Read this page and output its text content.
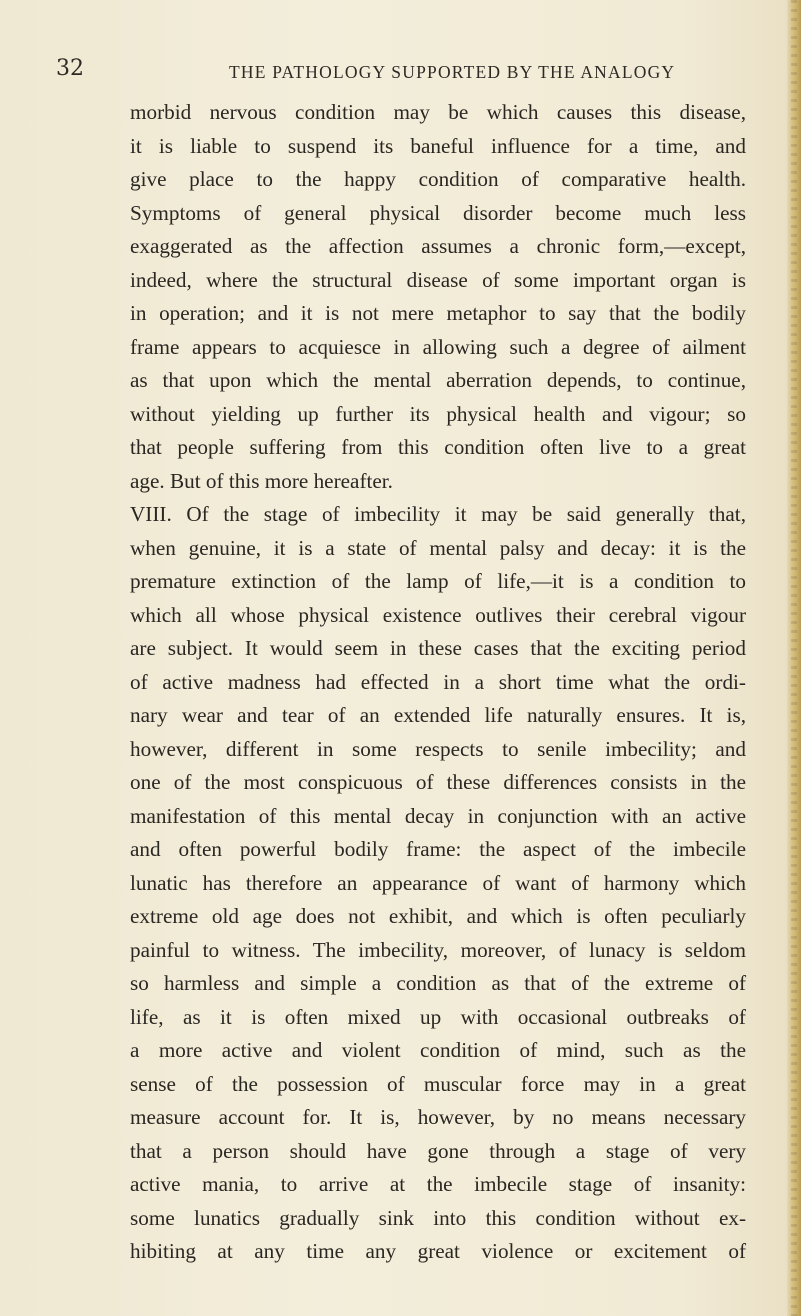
32	THE PATHOLOGY SUPPORTED BY THE ANALOGY
morbid nervous condition may be which causes this disease,
it is liable to suspend its baneful influence for a time, and
give place to the happy condition of comparative health.
Symptoms of general physical disorder become much less
exaggerated as the affection assumes a chronic form,—except,
indeed, where the structural disease of some important organ is
in operation; and it is not mere metaphor to say that the bodily
frame appears to acquiesce in allowing such a degree of ailment
as that upon which the mental aberration depends, to continue,
without yielding up further its physical health and vigour; so
that people suffering from this condition often live to a great
age. But of this more hereafter.
VIII. Of the stage of imbecility it may be said generally that,
when genuine, it is a state of mental palsy and decay: it is the
premature extinction of the lamp of life,—it is a condition to
which all whose physical existence outlives their cerebral vigour
are subject. It would seem in these cases that the exciting period
of active madness had effected in a short time what the ordi-
nary wear and tear of an extended life naturally ensures. It is,
however, different in some respects to senile imbecility; and
one of the most conspicuous of these differences consists in the
manifestation of this mental decay in conjunction with an active
and often powerful bodily frame: the aspect of the imbecile
lunatic has therefore an appearance of want of harmony which
extreme old age does not exhibit, and which is often peculiarly
painful to witness. The imbecility, moreover, of lunacy is seldom
so harmless and simple a condition as that of the extreme of
life, as it is often mixed up with occasional outbreaks of
a more active and violent condition of mind, such as the
sense of the possession of muscular force may in a great
measure account for. It is, however, by no means necessary
that a person should have gone through a stage of very
active mania, to arrive at the imbecile stage of insanity:
some lunatics gradually sink into this condition without ex-
hibiting at any time any great violence or excitement of
